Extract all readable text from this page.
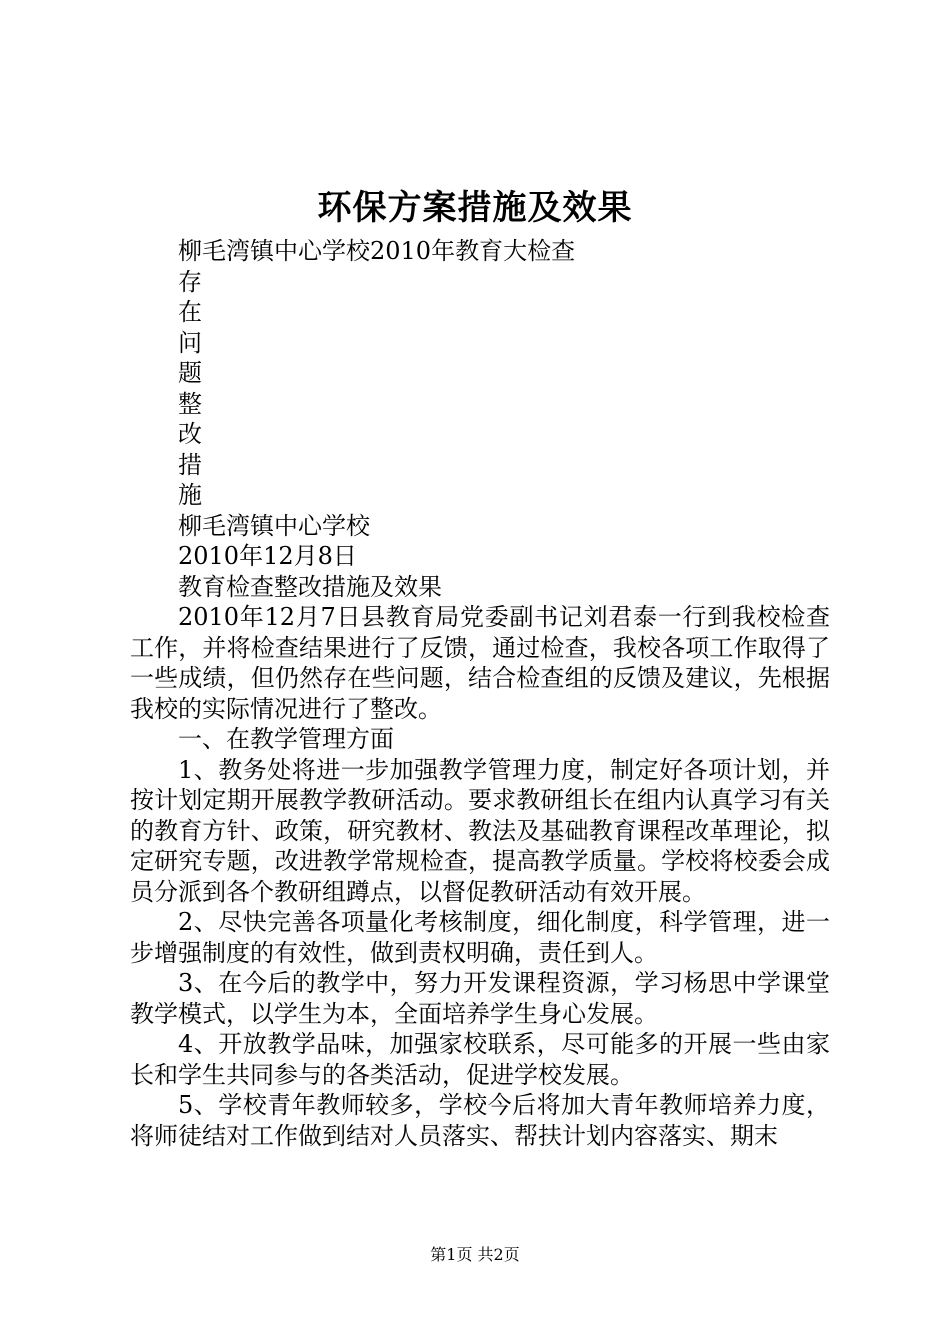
环保方案措施及效果

柳毛湾镇中心学校2010年教育大检查

存

在

问

题

整

改

措

施

柳毛湾镇中心学校

2010年12月8日

教育检查整改措施及效果

2010年12月7日县教育局党委副书记刘君泰一行到我校检查工作，并将检查结果进行了反馈，通过检查，我校各项工作取得了一些成绩，但仍然存在些问题，结合检查组的反馈及建议，先根据我校的实际情况进行了整改。

一、在教学管理方面

1、教务处将进一步加强教学管理力度，制定好各项计划，并按计划定期开展教学教研活动。要求教研组长在组内认真学习有关的教育方针、政策，研究教材、教法及基础教育课程改革理论，拟定研究专题，改进教学常规检查，提高教学质量。学校将校委会成员分派到各个教研组蹲点，以督促教研活动有效开展。

2、尽快完善各项量化考核制度，细化制度，科学管理，进一步增强制度的有效性，做到责权明确，责任到人。

3、在今后的教学中，努力开发课程资源，学习杨思中学课堂教学模式，以学生为本，全面培养学生身心发展。

4、开放教学品味，加强家校联系，尽可能多的开展一些由家长和学生共同参与的各类活动，促进学校发展。

5、学校青年教师较多，学校今后将加大青年教师培养力度，将师徒结对工作做到结对人员落实、帮扶计划内容落实、期末

第1页 共2页
